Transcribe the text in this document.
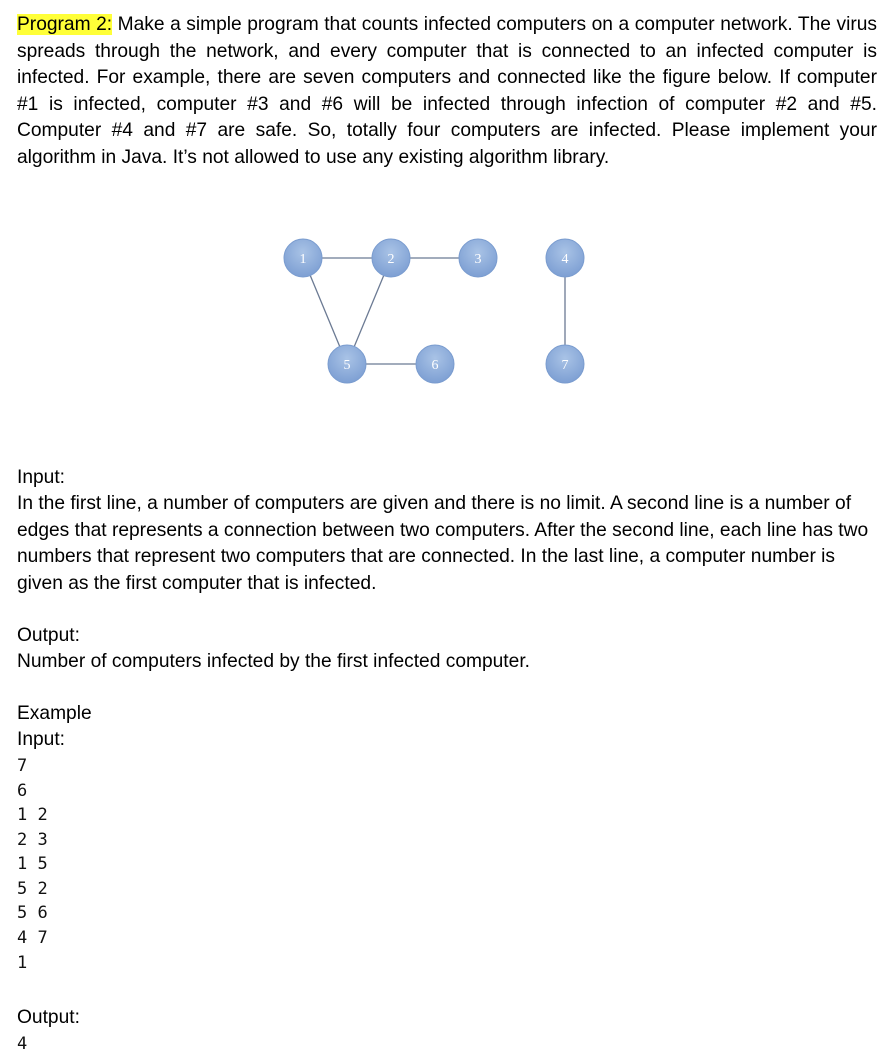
Program 2: Make a simple program that counts infected computers on a computer network. The virus spreads through the network, and every computer that is connected to an infected computer is infected. For example, there are seven computers and connected like the figure below. If computer #1 is infected, computer #3 and #6 will be infected through infection of computer #2 and #5. Computer #4 and #7 are safe. So, totally four computers are infected. Please implement your algorithm in Java. It’s not allowed to use any existing algorithm library.

1	2	3	4
5	6	7

Input:

In the first line, a number of computers are given and there is no limit. A second line is a number of edges that represents a connection between two computers. After the second line, each line has two numbers that represent two computers that are connected. In the last line, a computer number is given as the first computer that is infected.

Output:

Number of computers infected by the first infected computer.

Example

Input:

7

6

1 2

2 3

1 5

5 2

5 6

4 7

1

Output:

4
